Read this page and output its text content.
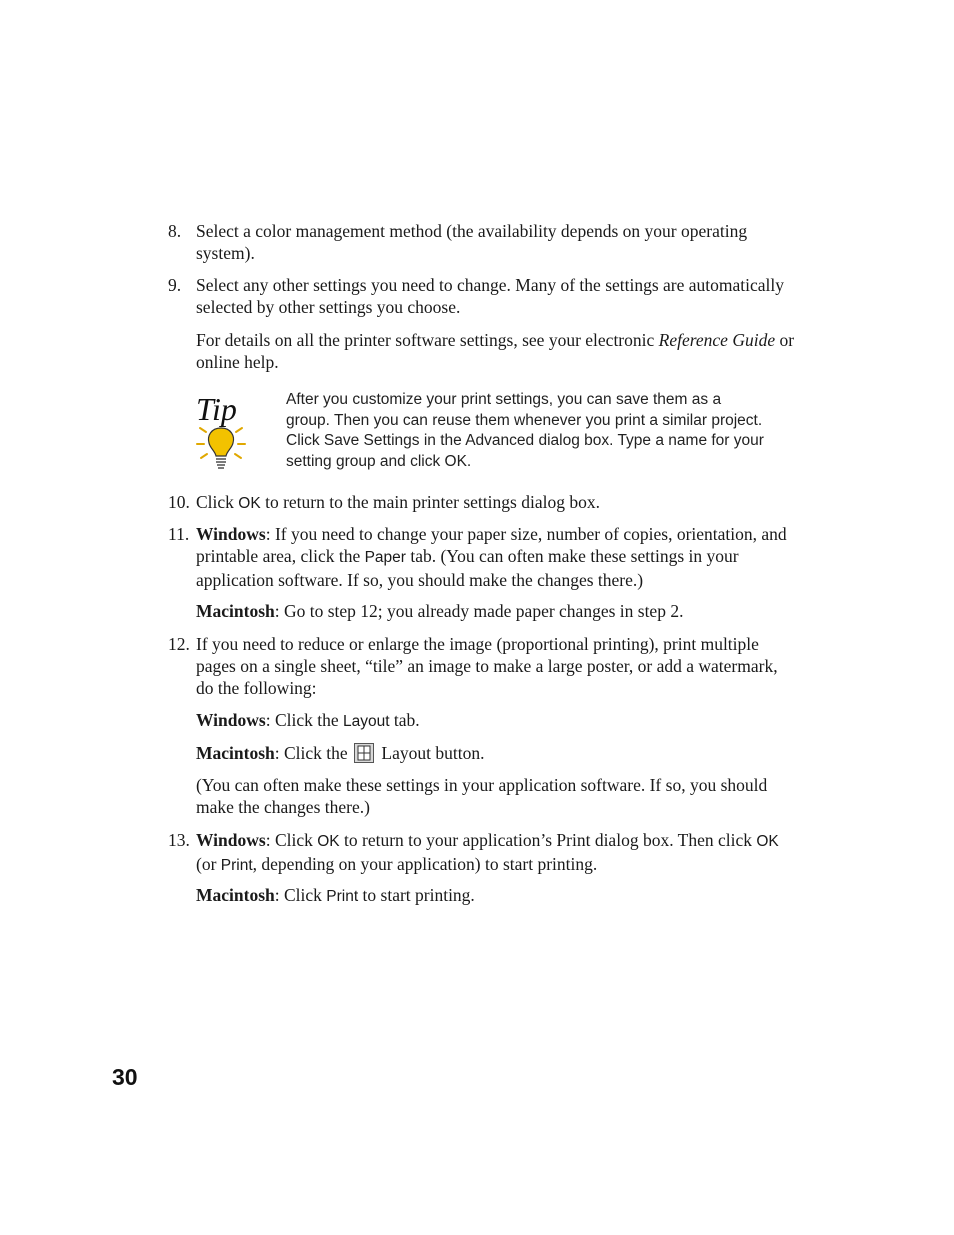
8. Select a color management method (the availability depends on your operating system).
9. Select any other settings you need to change. Many of the settings are automatically selected by other settings you choose.
For details on all the printer software settings, see your electronic Reference Guide or online help.
Tip	After you customize your print settings, you can save them as a group. Then you can reuse them whenever you print a similar project. Click Save Settings in the Advanced dialog box. Type a name for your setting group and click OK.
10. Click OK to return to the main printer settings dialog box.
11. Windows: If you need to change your paper size, number of copies, orientation, and printable area, click the Paper tab. (You can often make these settings in your application software. If so, you should make the changes there.)
Macintosh: Go to step 12; you already made paper changes in step 2.
12. If you need to reduce or enlarge the image (proportional printing), print multiple pages on a single sheet, “tile” an image to make a large poster, or add a watermark, do the following:
Windows: Click the Layout tab.
Macintosh: Click the
Layout button.
(You can often make these settings in your application software. If so, you should make the changes there.)
13. Windows: Click OK to return to your application’s Print dialog box. Then click OK (or Print, depending on your application) to start printing.
Macintosh: Click Print to start printing.
30
